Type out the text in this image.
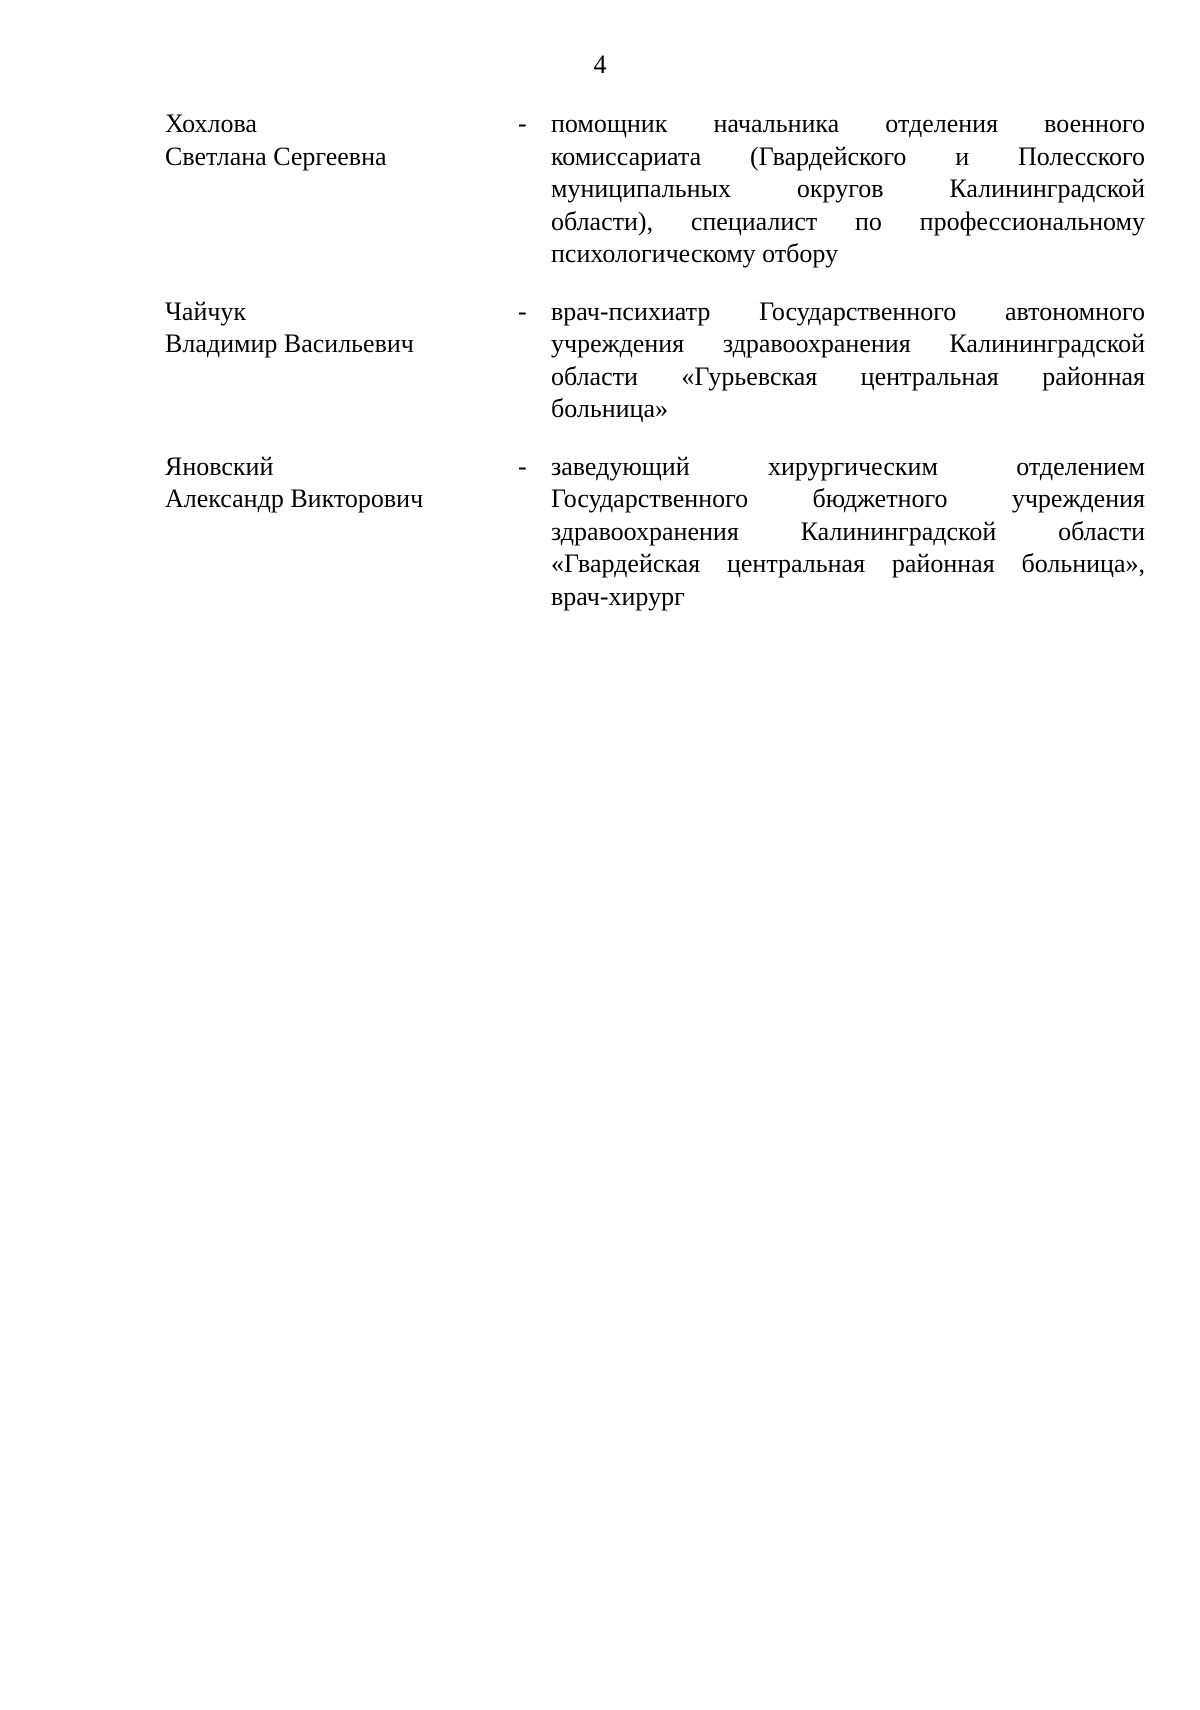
4
Хохлова
Светлана Сергеевна
- помощник начальника отделения военного
комиссариата (Гвардейского и Полесского
муниципальных округов Калининградской
области), специалист по профессиональному
психологическому отбору
Чайчук
Владимир Васильевич
- врач-психиатр Государственного автономного
учреждения здравоохранения Калининградской
области «Гурьевская центральная районная
больница»
Яновский
Александр Викторович
- заведующий хирургическим отделением
Государственного бюджетного учреждения
здравоохранения Калининградской области
«Гвардейская центральная районная больница»,
врач-хирург
